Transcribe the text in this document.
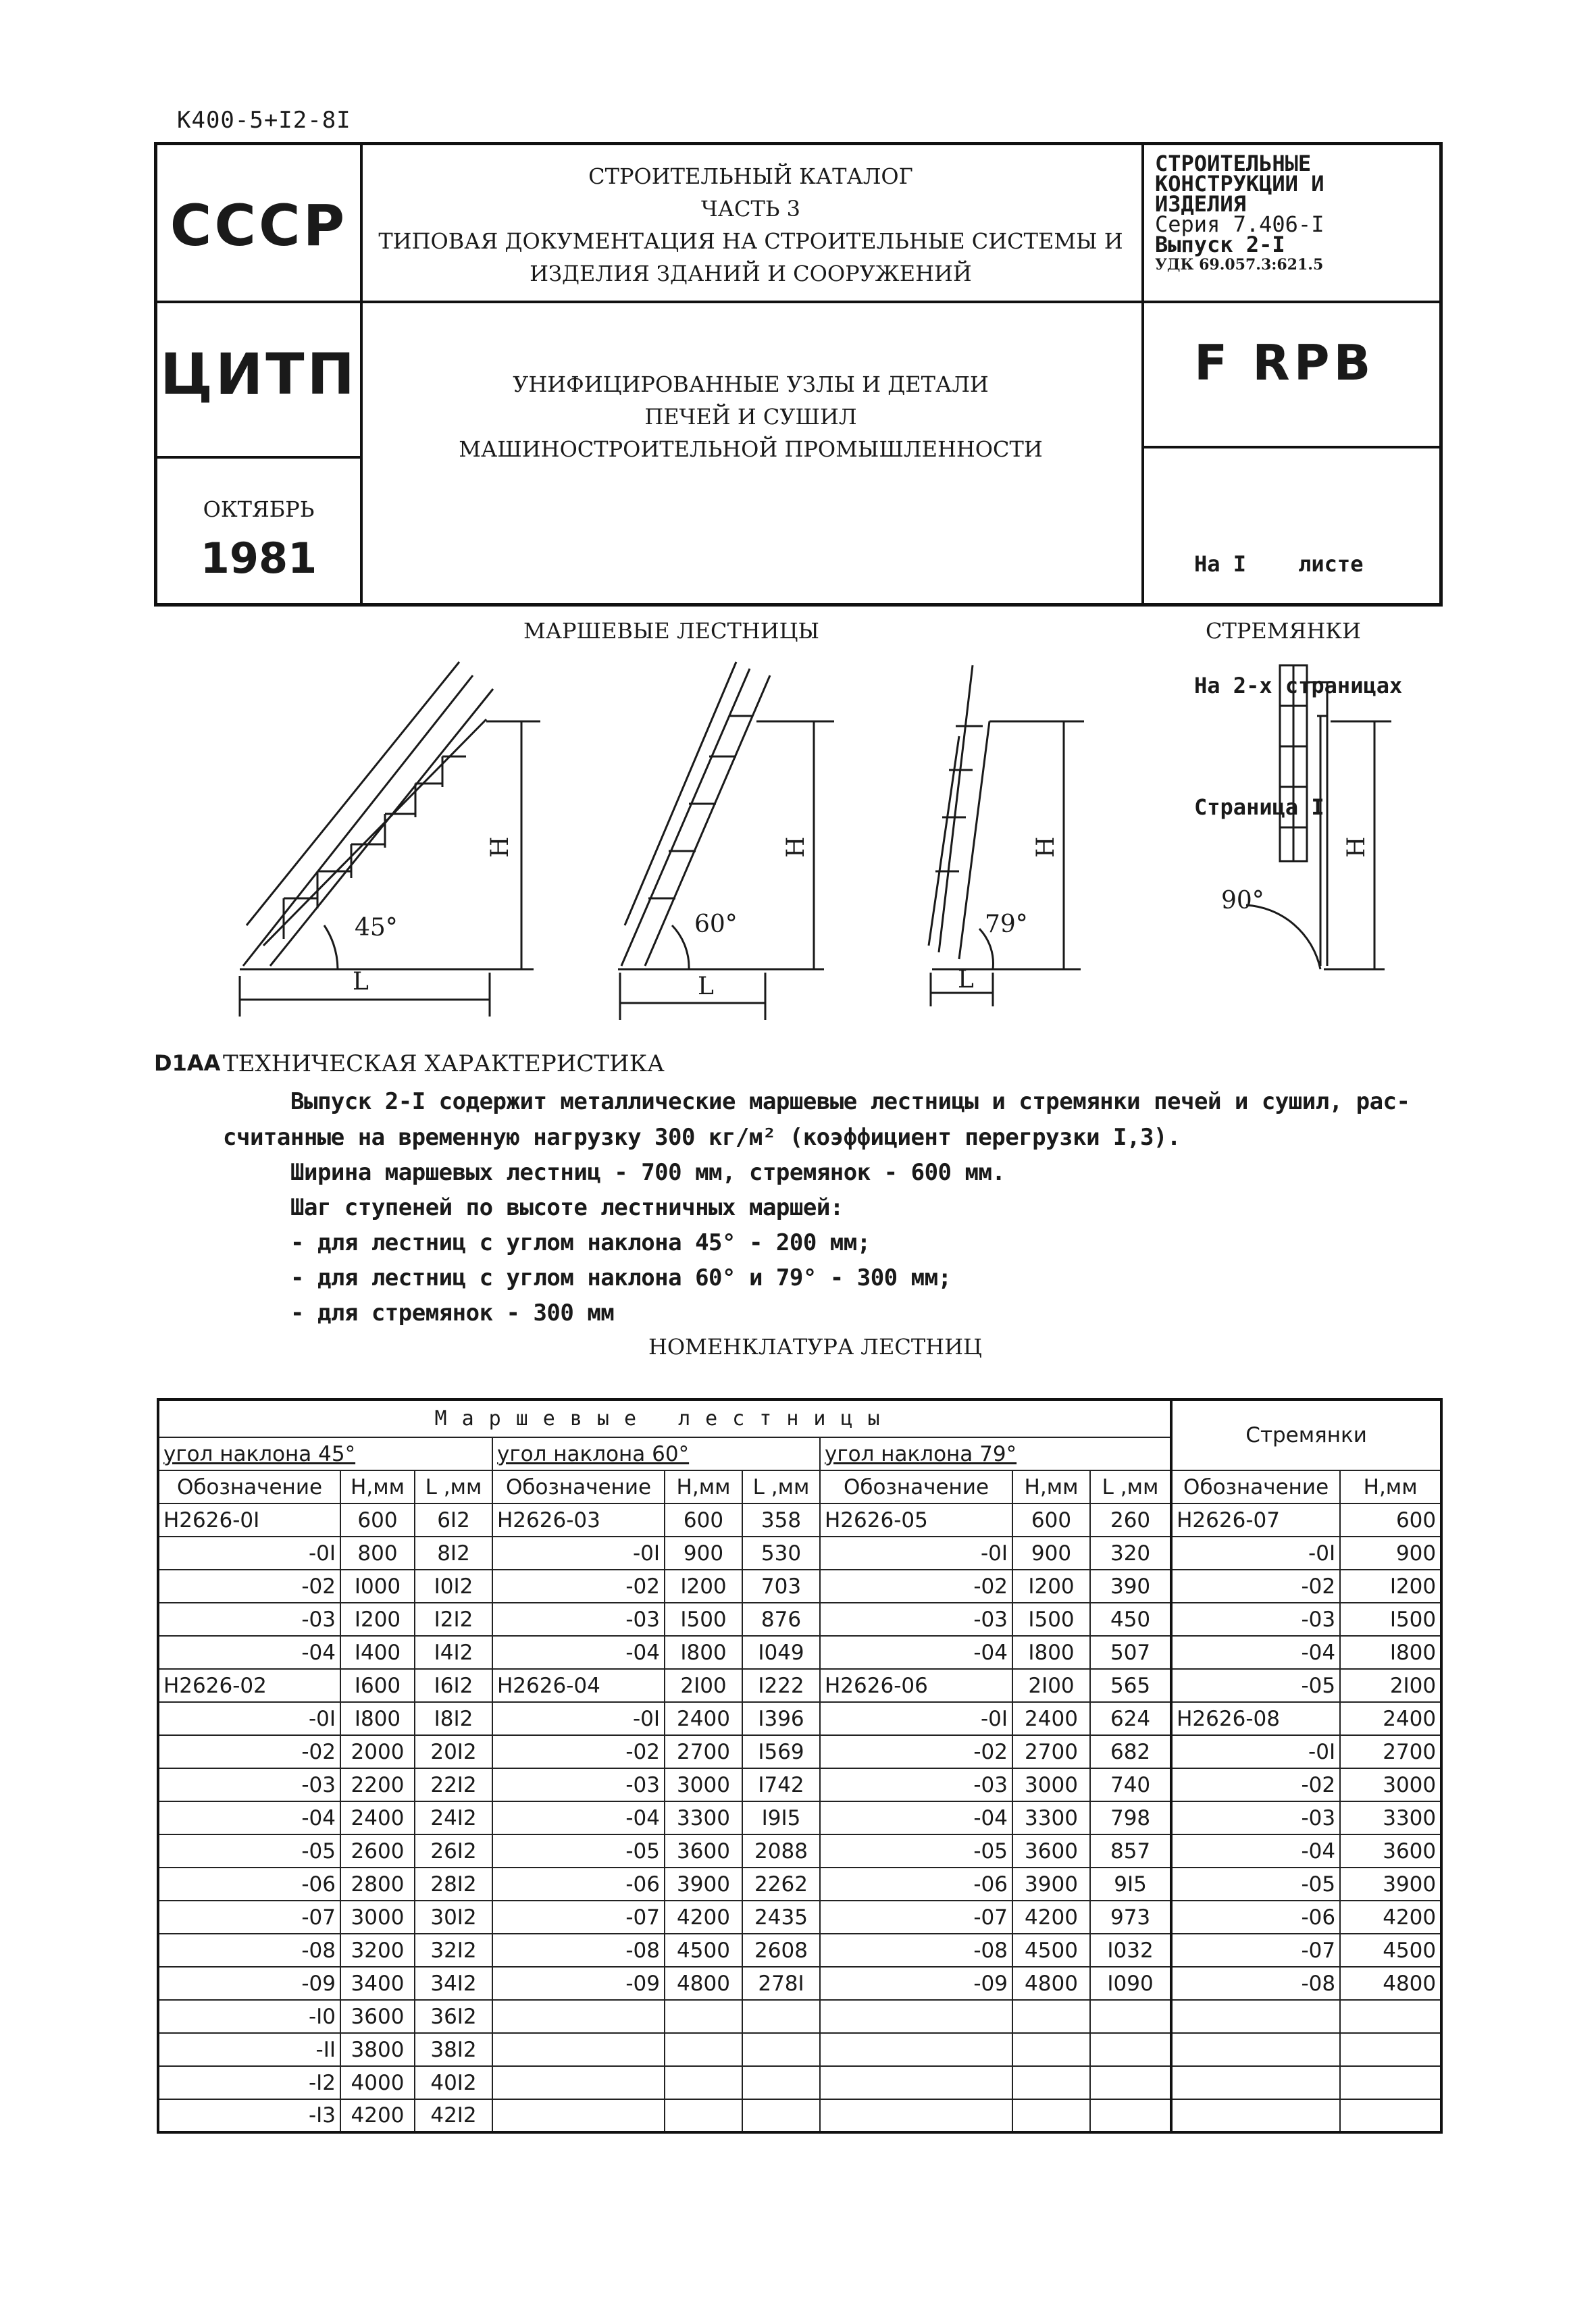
К400-5+I2-8I
СССР
ЦИТП
ОКТЯБРЬ
1981
СТРОИТЕЛЬНЫЙ КАТАЛОГ
ЧАСТЬ 3
ТИПОВАЯ ДОКУМЕНТАЦИЯ НА СТРОИТЕЛЬНЫЕ СИСТЕМЫ И
ИЗДЕЛИЯ ЗДАНИЙ И СООРУЖЕНИЙ
УНИФИЦИРОВАННЫЕ УЗЛЫ И ДЕТАЛИ
ПЕЧЕЙ И СУШИЛ
МАШИНОСТРОИТЕЛЬНОЙ ПРОМЫШЛЕННОСТИ
СТРОИТЕЛЬНЫЕ
КОНСТРУКЦИИ И
ИЗДЕЛИЯ
Серия 7.406-I
Выпуск 2-I
УДК 69.057.3:621.5
F RPB

На I    листе

На 2-х страницах

Страница I

МАРШЕВЫЕ ЛЕСТНИЦЫ	СТРЕМЯНКИ
45°	60°	79°
90°
L	L	L
Н	Н	Н	Н
D1AA ТЕХНИЧЕСКАЯ ХАРАКТЕРИСТИКА
Выпуск 2-I содержит металлические маршевые лестницы и стремянки печей и сушил, рас-
считанные на временную нагрузку 300 кг/м² (коэффициент перегрузки I,3).
Ширина маршевых лестниц - 700 мм, стремянок - 600 мм.
Шаг ступеней по высоте лестничных маршей:
- для лестниц с углом наклона 45° - 200 мм;
- для лестниц с углом наклона 60° и 79° - 300 мм;
- для стремянок - 300 мм
НОМЕНКЛАТУРА ЛЕСТНИЦ
Маршевые лестницы									Стремянки	
угол наклона 45°			угол наклона 60°			угол наклона 79°				
Обозначение	Н,мм	L ,мм	Обозначение	Н,мм	L ,мм	Обозначение	Н,мм	L ,мм	Обозначение	Н,мм
Н2626-0I	600	6I2	Н2626-03	600	358	Н2626-05	600	260	Н2626-07	600
-0I	800	8I2	-0I	900	530	-0I	900	320	-0I	900
-02	I000	I0I2	-02	I200	703	-02	I200	390	-02	I200
-03	I200	I2I2	-03	I500	876	-03	I500	450	-03	I500
-04	I400	I4I2	-04	I800	I049	-04	I800	507	-04	I800
Н2626-02	I600	I6I2	Н2626-04	2I00	I222	Н2626-06	2I00	565	-05	2I00
-0I	I800	I8I2	-0I	2400	I396	-0I	2400	624	Н2626-08	2400
-02	2000	20I2	-02	2700	I569	-02	2700	682	-0I	2700
-03	2200	22I2	-03	3000	I742	-03	3000	740	-02	3000
-04	2400	24I2	-04	3300	I9I5	-04	3300	798	-03	3300
-05	2600	26I2	-05	3600	2088	-05	3600	857	-04	3600
-06	2800	28I2	-06	3900	2262	-06	3900	9I5	-05	3900
-07	3000	30I2	-07	4200	2435	-07	4200	973	-06	4200
-08	3200	32I2	-08	4500	2608	-08	4500	I032	-07	4500
-09	3400	34I2	-09	4800	278I	-09	4800	I090	-08	4800
-I0	3600	36I2								
-II	3800	38I2								
-I2	4000	40I2								
-I3	4200	42I2								
